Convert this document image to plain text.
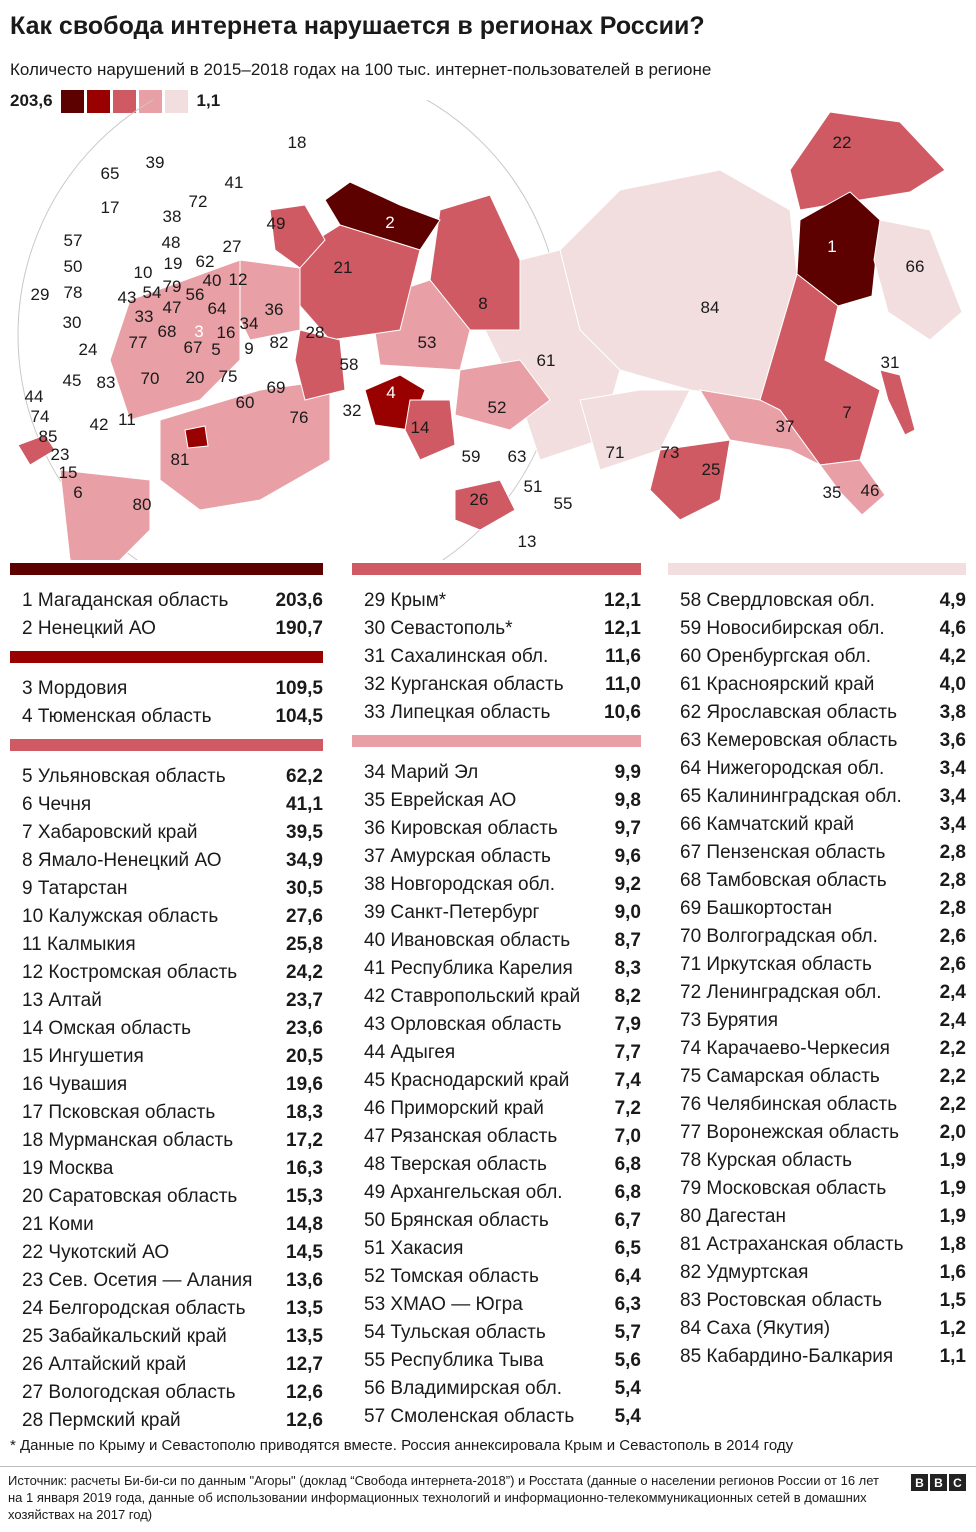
Как свобода интернета нарушается в регионах России?
Количесто нарушений в 2015–2018 годах на 100 тыс. интернет-пользователей в регионе
203,6	1,1
1
2
3
4
5
6
7
8
9
10
11
12
13
14
15
16
17
18
19
20
21
22
23
24
25
26
27
28
29
30
31
32
33	34
35
36
37
38
39
40
41
42
43
44
45
46
47
48
49
50
51
52
53
54
55
56
57
58
59
60
61
62
63
64
65
66
67
68
69
70
71
72
73
74
75
76
77
78	79
80
81
82
83
84
85
1 Магаданская область 203,6
2 Ненецкий АО	190,7
3 Мордовия	109,5
4 Тюменская область	104,5
5 Ульяновская область	62,2
6 Чечня	41,1
7 Хабаровский край	39,5
8 Ямало-Ненецкий АО	34,9
9 Татарстан	30,5
10 Калужская область	27,6
11 Калмыкия	25,8
12 Костромская область	24,2
13 Алтай	23,7
14 Омская область	23,6
15 Ингушетия	20,5
16 Чувашия	19,6
17 Псковская область	18,3
18 Мурманская область	17,2
19 Москва	16,3
20 Саратовская область	15,3
21 Коми	14,8
22 Чукотский АО	14,5
23 Сев. Осетия — Алания 13,6
24 Белгородская область 13,5
25 Забайкальский край	13,5
26 Алтайский край	12,7
27 Вологодская область	12,6
28 Пермский край	12,6
29 Крым*	12,1
30 Севастополь*	12,1
31 Сахалинская обл.	11,6
32 Курганская область 11,0
33 Липецкая область	10,6
34 Марий Эл	9,9
35 Еврейская АО	9,8
36 Кировская область	9,7
37 Амурская область	9,6
38 Новгородская обл.	9,2
39 Санкт-Петербург	9,0
40 Ивановская область 8,7
41 Республика Карелия 8,3
42 Ставропольский край 8,2
43 Орловская область	7,9
44 Адыгея	7,7
45 Краснодарский край 7,4
46 Приморский край	7,2
47 Рязанская область	7,0
48 Тверская область	6,8
49 Архангельская обл.	6,8
50 Брянская область	6,7
51 Хакасия	6,5
52 Томская область	6,4
53 ХМАО — Югра	6,3
54 Тульская область	5,7
55 Республика Тыва	5,6
56 Владимирская обл.	5,4
57 Смоленская область 5,4
58 Свердловская обл.	4,9
59 Новосибирская обл.	4,6
60 Оренбургская обл.	4,2
61 Красноярский край	4,0
62 Ярославская область 3,8
63 Кемеровская область 3,6
64 Нижегородская обл.	3,4
65 Калининградская обл. 3,4
66 Камчатский край	3,4
67 Пензенская область	2,8
68 Тамбовская область	2,8
69 Башкортостан	2,8
70 Волгоградская обл.	2,6
71 Иркутская область	2,6
72 Ленинградская обл.	2,4
73 Бурятия	2,4
74 Карачаево-Черкесия	2,2
75 Самарская область	2,2
76 Челябинская область 2,2
77 Воронежская область 2,0
78 Курская область	1,9
79 Московская область	1,9
80 Дагестан	1,9
81 Астраханская область 1,8
82 Удмуртская	1,6
83 Ростовская область	1,5
84 Саха (Якутия)	1,2
85 Кабардино-Балкария 1,1
* Данные по Крыму и Севастополю приводятся вместе. Россия аннексировала Крым и Севастополь в 2014 году
Источник: расчеты Би-би-си по данным "Агоры" (доклад “Свобода интернета-2018”) и Росстата (данные о населении регионов России от 16 лет на 1 января 2019 года, данные об использовании информационных технологий и информационно-телекоммуникационных сетей в домашних хозяйствах на 2017 год)
B B C
